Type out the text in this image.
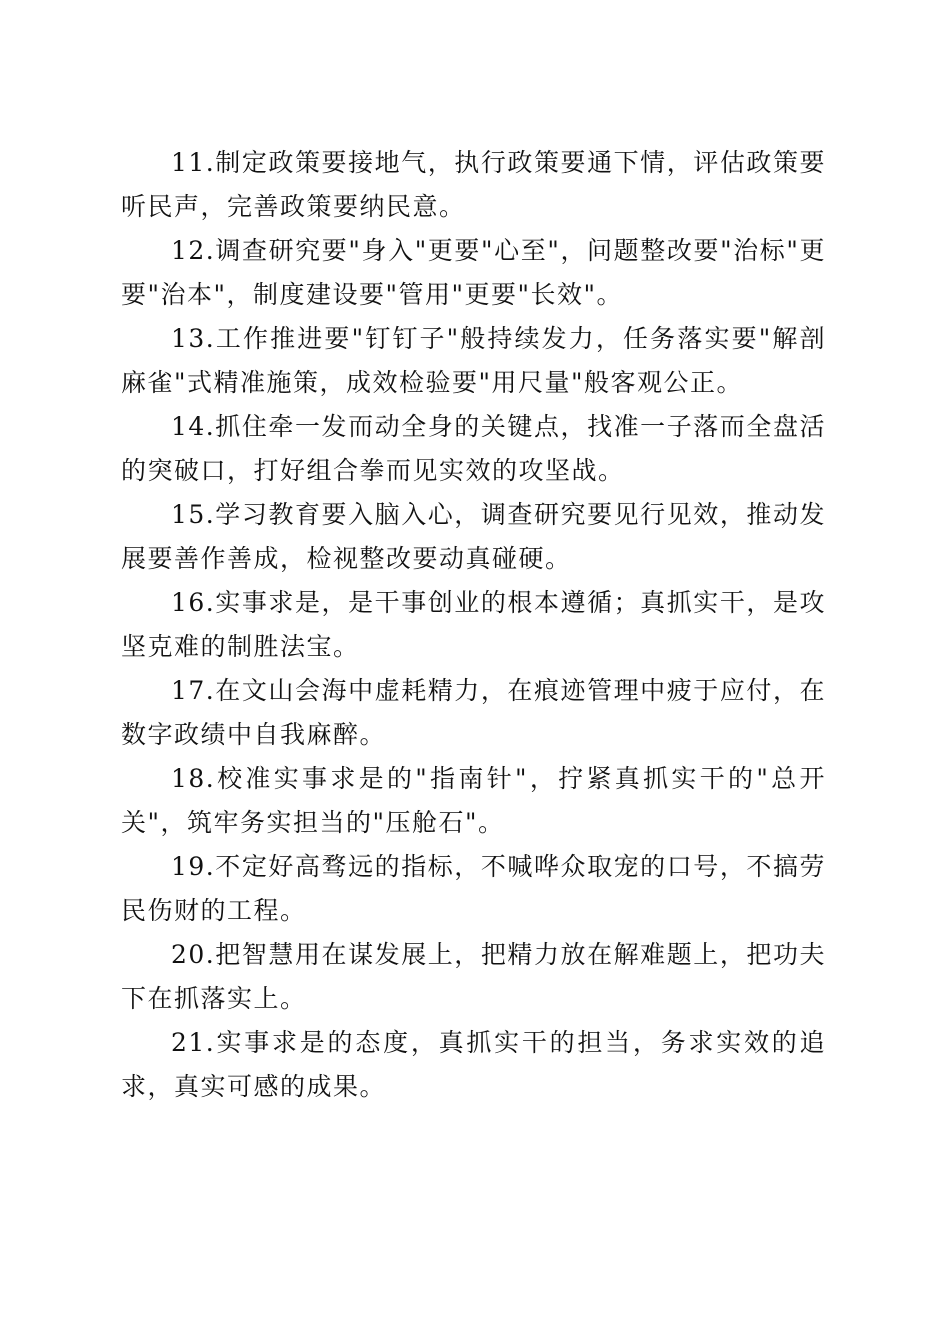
11.制定政策要接地气，执行政策要通下情，评估政策要听民声，完善政策要纳民意。

12.调查研究要"身入"更要"心至"，问题整改要"治标"更要"治本"，制度建设要"管用"更要"长效"。

13.工作推进要"钉钉子"般持续发力，任务落实要"解剖麻雀"式精准施策，成效检验要"用尺量"般客观公正。

14.抓住牵一发而动全身的关键点，找准一子落而全盘活的突破口，打好组合拳而见实效的攻坚战。

15.学习教育要入脑入心，调查研究要见行见效，推动发展要善作善成，检视整改要动真碰硬。

16.实事求是，是干事创业的根本遵循；真抓实干，是攻坚克难的制胜法宝。

17.在文山会海中虚耗精力，在痕迹管理中疲于应付，在数字政绩中自我麻醉。

18.校准实事求是的"指南针"，拧紧真抓实干的"总开关"，筑牢务实担当的"压舱石"。

19.不定好高骛远的指标，不喊哗众取宠的口号，不搞劳民伤财的工程。

20.把智慧用在谋发展上，把精力放在解难题上，把功夫下在抓落实上。

21.实事求是的态度，真抓实干的担当，务求实效的追求，真实可感的成果。
